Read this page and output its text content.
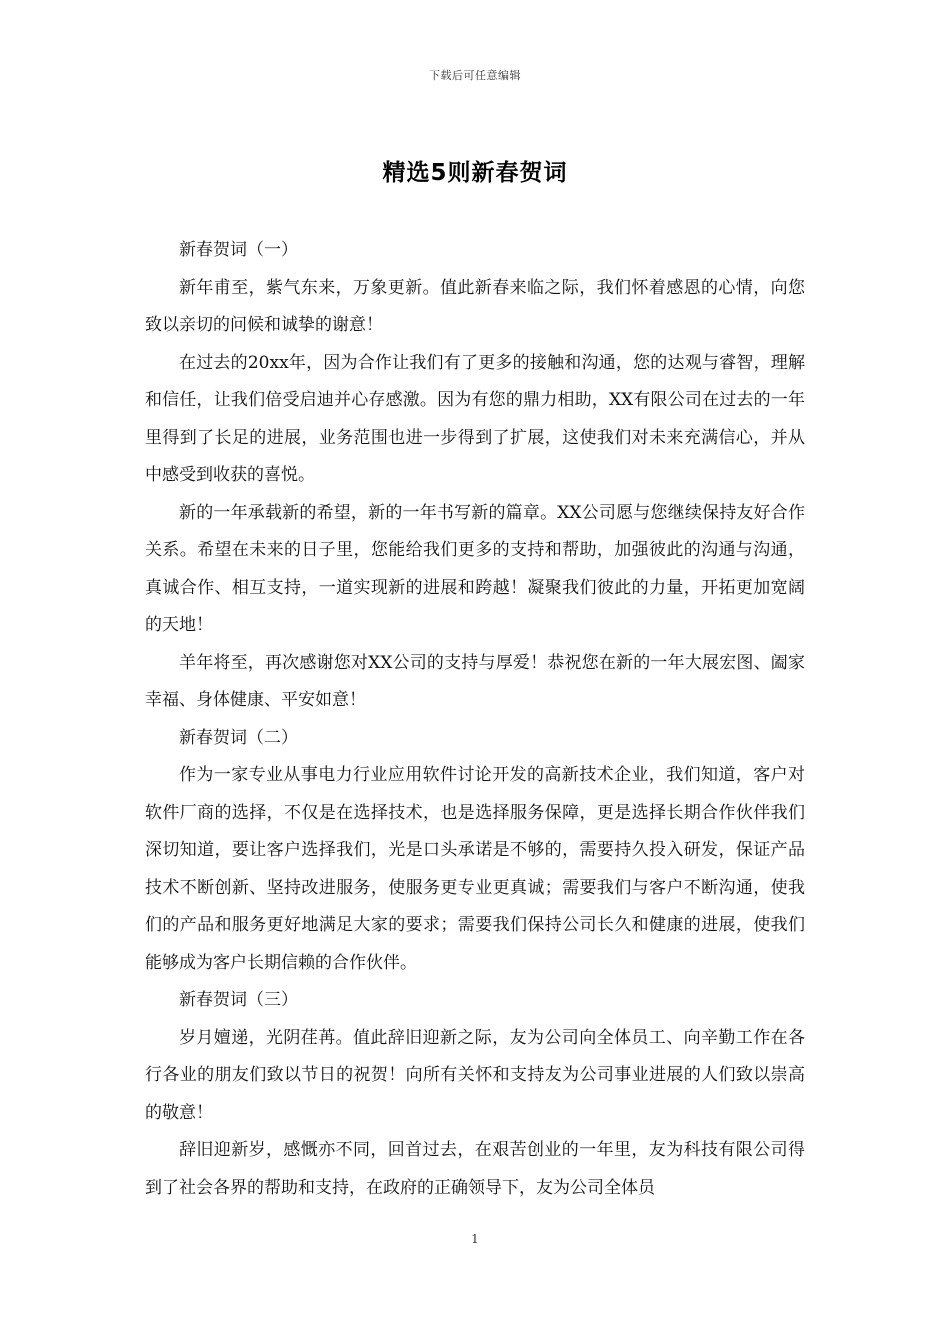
下载后可任意编辑
精选5则新春贺词

新春贺词（一）

新年甫至，紫气东来，万象更新。值此新春来临之际，我们怀着感恩的心情，向您致以亲切的问候和诚挚的谢意！

在过去的20xx年，因为合作让我们有了更多的接触和沟通，您的达观与睿智，理解和信任，让我们倍受启迪并心存感激。因为有您的鼎力相助，XX有限公司在过去的一年里得到了长足的进展，业务范围也进一步得到了扩展，这使我们对未来充满信心，并从中感受到收获的喜悦。

新的一年承载新的希望，新的一年书写新的篇章。XX公司愿与您继续保持友好合作关系。希望在未来的日子里，您能给我们更多的支持和帮助，加强彼此的沟通与沟通，真诚合作、相互支持，一道实现新的进展和跨越！凝聚我们彼此的力量，开拓更加宽阔的天地！

羊年将至，再次感谢您对XX公司的支持与厚爱！恭祝您在新的一年大展宏图、阖家幸福、身体健康、平安如意！

新春贺词（二）

作为一家专业从事电力行业应用软件讨论开发的高新技术企业，我们知道，客户对软件厂商的选择，不仅是在选择技术，也是选择服务保障，更是选择长期合作伙伴我们深切知道，要让客户选择我们，光是口头承诺是不够的，需要持久投入研发，保证产品技术不断创新、坚持改进服务，使服务更专业更真诚；需要我们与客户不断沟通，使我们的产品和服务更好地满足大家的要求；需要我们保持公司长久和健康的进展，使我们能够成为客户长期信赖的合作伙伴。

新春贺词（三）

岁月嬗递，光阴荏苒。值此辞旧迎新之际，友为公司向全体员工、向辛勤工作在各行各业的朋友们致以节日的祝贺！向所有关怀和支持友为公司事业进展的人们致以崇高的敬意！

辞旧迎新岁，感慨亦不同，回首过去，在艰苦创业的一年里，友为科技有限公司得到了社会各界的帮助和支持，在政府的正确领导下，友为公司全体员

1
